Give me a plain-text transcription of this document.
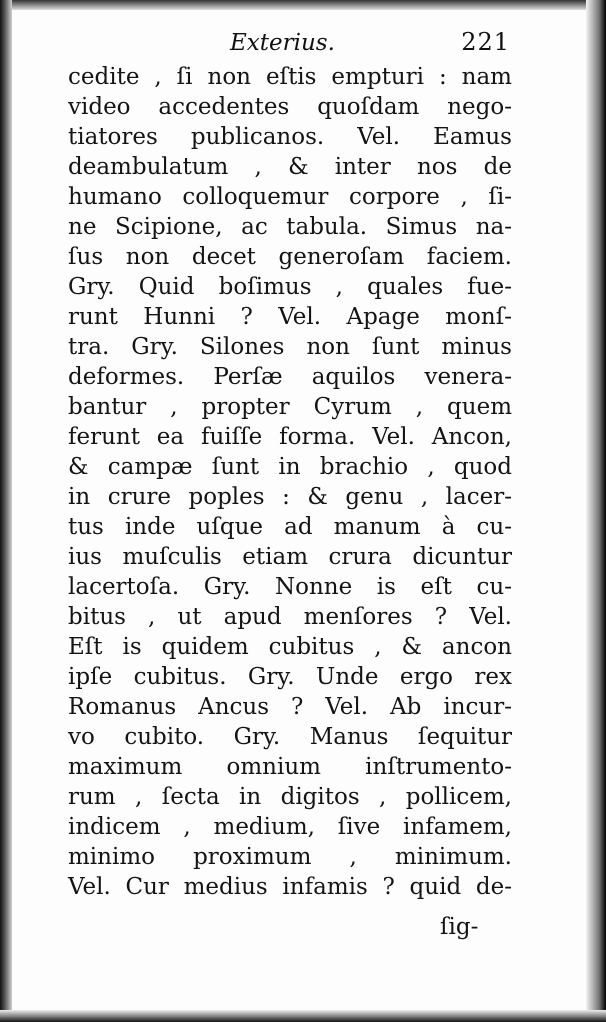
Exterius.	221
cedite , ſi non eſtis empturi : nam
video accedentes quoſdam nego-
tiatores publicanos. Vel. Eamus
deambulatum , & inter nos de
humano colloquemur corpore , ſi-
ne Scipione, ac tabula. Simus na-
ſus non decet generoſam faciem.
Gry. Quid boſimus , quales fue-
runt Hunni ? Vel. Apage monſ-
tra. Gry. Silones non ſunt minus
deformes. Perſæ aquilos venera-
bantur , propter Cyrum , quem
ferunt ea fuiſſe forma. Vel. Ancon,
& campæ ſunt in brachio , quod
in crure poples : & genu , lacer-
tus inde uſque ad manum à cu-
ius muſculis etiam crura dicuntur
lacertoſa. Gry. Nonne is eſt cu-
bitus , ut apud menſores ? Vel.
Eſt is quidem cubitus , & ancon
ipſe cubitus. Gry. Unde ergo rex
Romanus Ancus ? Vel. Ab incur-
vo cubito. Gry. Manus ſequitur
maximum omnium inſtrumento-
rum , ſecta in digitos , pollicem,
indicem , medium, ſive infamem,
minimo proximum , minimum.
Vel. Cur medius infamis ? quid de-
ſig-
